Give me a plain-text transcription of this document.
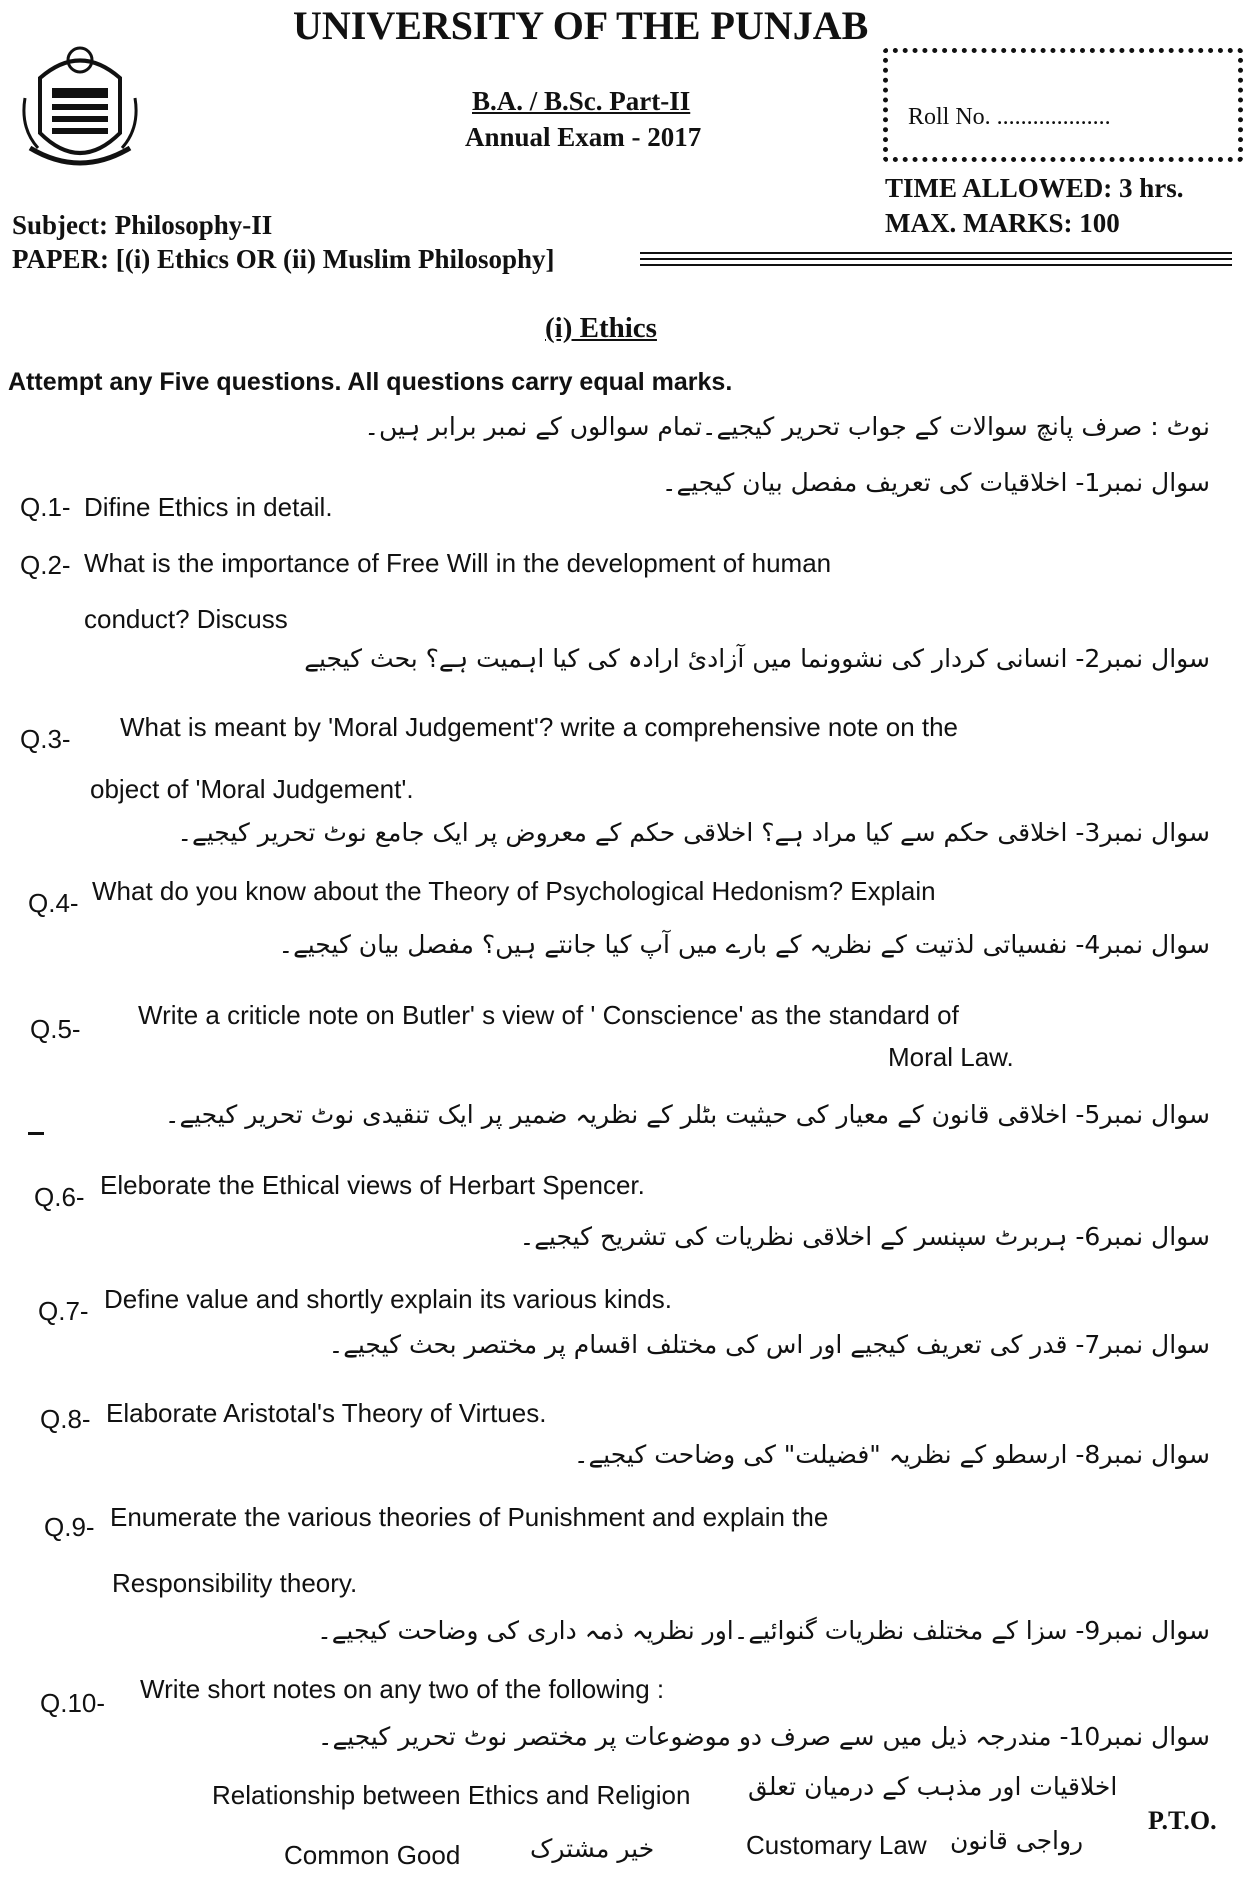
UNIVERSITY OF THE PUNJAB
B.A. / B.Sc. Part-II
Annual Exam - 2017
Roll No. ...................
TIME ALLOWED: 3 hrs.
MAX. MARKS: 100
Subject: Philosophy-II
PAPER: [(i) Ethics OR (ii) Muslim Philosophy]
(i) Ethics
Attempt any Five questions. All questions carry equal marks.
نوٹ : صرف پانچ سوالات کے جواب تحریر کیجیے۔تمام سوالوں کے نمبر برابر ہیں۔
Q.1- Difine Ethics in detail.
سوال نمبر1- اخلاقیات کی تعریف مفصل بیان کیجیے۔
Q.2- What is the importance of Free Will in the development of human
conduct? Discuss
سوال نمبر2- انسانی کردار کی نشوونما میں آزادیٔ ارادہ کی کیا اہمیت ہے؟ بحث کیجیے
Q.3- What is meant by 'Moral Judgement'? write a comprehensive note on the
object of 'Moral Judgement'.
سوال نمبر3- اخلاقی حکم سے کیا مراد ہے؟ اخلاقی حکم کے معروض پر ایک جامع نوٹ تحریر کیجیے۔
Q.4- What do you know about the Theory of Psychological Hedonism? Explain
سوال نمبر4- نفسیاتی لذتیت کے نظریہ کے بارے میں آپ کیا جانتے ہیں؟ مفصل بیان کیجیے۔
Q.5- Write a criticle note on Butler' s view of ' Conscience' as the standard of
Moral Law.
سوال نمبر5- اخلاقی قانون کے معیار کی حیثیت بٹلر کے نظریہ ضمیر پر ایک تنقیدی نوٹ تحریر کیجیے۔
Q.6- Eleborate the Ethical views of Herbart Spencer.
سوال نمبر6- ہربرٹ سپنسر کے اخلاقی نظریات کی تشریح کیجیے۔
Q.7- Define value and shortly explain its various kinds.
سوال نمبر7- قدر کی تعریف کیجیے اور اس کی مختلف اقسام پر مختصر بحث کیجیے۔
Q.8- Elaborate Aristotal's Theory of Virtues.
سوال نمبر8- ارسطو کے نظریہ "فضیلت" کی وضاحت کیجیے۔
Q.9- Enumerate the various theories of Punishment and explain the
Responsibility theory.
سوال نمبر9- سزا کے مختلف نظریات گنوائیے۔اور نظریہ ذمہ داری کی وضاحت کیجیے۔
Q.10- Write short notes on any two of the following :
سوال نمبر10- مندرجہ ذیل میں سے صرف دو موضوعات پر مختصر نوٹ تحریر کیجیے۔
Relationship between Ethics and Religion اخلاقیات اور مذہب کے درمیان تعلق
Common Good	خیر مشترک	Customary Law رواجی قانون
P.T.O.
